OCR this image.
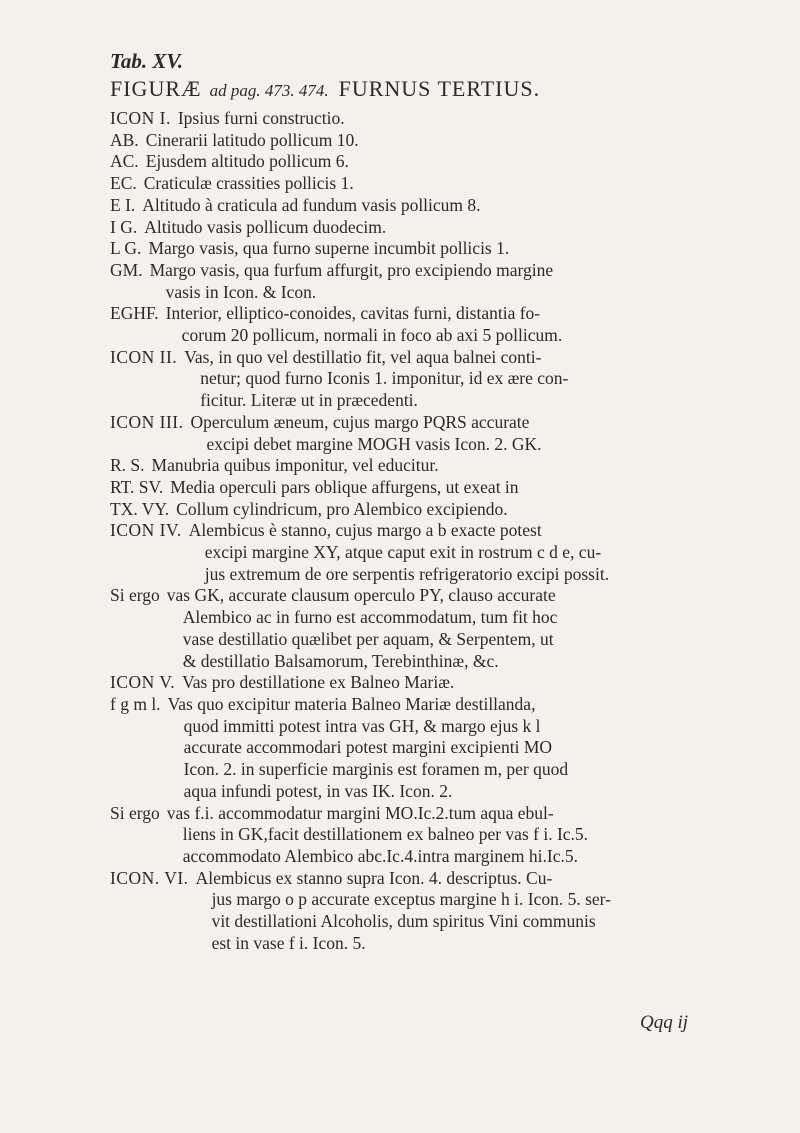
Tab. XV.
FIGURÆ ad pag. 473. 474. FURNUS TERTIUS.
ICON I. Ipsius furni constructio.
AB. Cinerarii latitudo pollicum 10.
AC. Ejusdem altitudo pollicum 6.
EC. Craticulæ crassities pollicis 1.
E I. Altitudo à craticula ad fundum vasis pollicum 8.
I G. Altitudo vasis pollicum duodecim.
L G. Margo vasis, qua furno superne incumbit pollicis 1.
GM. Margo vasis, qua furfum affurgit, pro excipiendo margine
vasis in Icon. & Icon.
EGHF. Interior, elliptico-conoides, cavitas furni, distantia fo-
corum 20 pollicum, normali in foco ab axi 5 pollicum.
ICON II. Vas, in quo vel destillatio fit, vel aqua balnei conti-
netur; quod furno Iconis 1. imponitur, id ex ære con-
ficitur. Literæ ut in præcedenti.
ICON III. Operculum æneum, cujus margo PQRS accurate
excipi debet margine MOGH vasis Icon. 2. GK.
R. S. Manubria quibus imponitur, vel educitur.
RT. SV. Media operculi pars oblique affurgens, ut exeat in
TX. VY. Collum cylindricum, pro Alembico excipiendo.
ICON IV. Alembicus è stanno, cujus margo a b exacte potest
excipi margine XY, atque caput exit in rostrum c d e, cu-
jus extremum de ore serpentis refrigeratorio excipi possit.
Si ergo vas GK, accurate clausum operculo PY, clauso accurate
Alembico ac in furno est accommodatum, tum fit hoc
vase destillatio quælibet per aquam, & Serpentem, ut
& destillatio Balsamorum, Terebinthinæ, &c.
ICON V. Vas pro destillatione ex Balneo Mariæ.
f g m l. Vas quo excipitur materia Balneo Mariæ destillanda,
quod immitti potest intra vas GH, & margo ejus k l
accurate accommodari potest margini excipienti MO
Icon. 2. in superficie marginis est foramen m, per quod
aqua infundi potest, in vas IK. Icon. 2.
Si ergo vas f.i. accommodatur margini MO.Ic.2.tum aqua ebul-
liens in GK,facit destillationem ex balneo per vas f i. Ic.5.
accommodato Alembico abc.Ic.4.intra marginem hi.Ic.5.
ICON. VI. Alembicus ex stanno supra Icon. 4. descriptus. Cu-
jus margo o p accurate exceptus margine h i. Icon. 5. ser-
vit destillationi Alcoholis, dum spiritus Vini communis
est in vase f i. Icon. 5.
Qqq ij
